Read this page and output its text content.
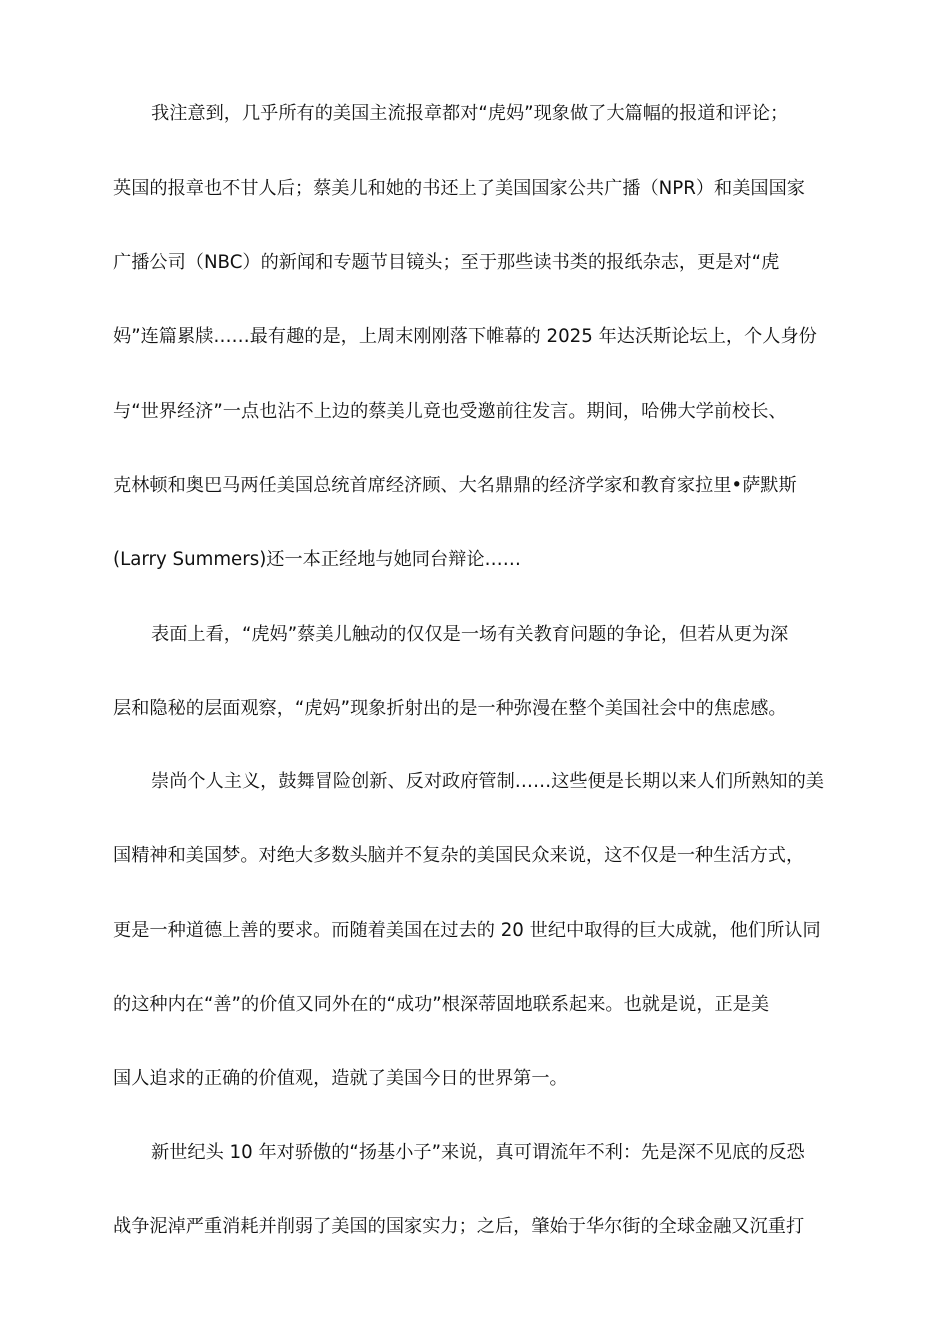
我注意到，几乎所有的美国主流报章都对“虎妈”现象做了大篇幅的报道和评论；

英国的报章也不甘人后；蔡美儿和她的书还上了美国国家公共广播（NPR）和美国国家

广播公司（NBC）的新闻和专题节目镜头；至于那些读书类的报纸杂志，更是对“虎

妈”连篇累牍……最有趣的是，上周末刚刚落下帷幕的 2025 年达沃斯论坛上，个人身份

与“世界经济”一点也沾不上边的蔡美儿竟也受邀前往发言。期间，哈佛大学前校长、

克林顿和奥巴马两任美国总统首席经济顾、大名鼎鼎的经济学家和教育家拉里•萨默斯

(Larry Summers)还一本正经地与她同台辩论……

表面上看，“虎妈”蔡美儿触动的仅仅是一场有关教育问题的争论，但若从更为深

层和隐秘的层面观察，“虎妈”现象折射出的是一种弥漫在整个美国社会中的焦虑感。

崇尚个人主义，鼓舞冒险创新、反对政府管制……这些便是长期以来人们所熟知的美

国精神和美国梦。对绝大多数头脑并不复杂的美国民众来说，这不仅是一种生活方式，

更是一种道德上善的要求。而随着美国在过去的 20 世纪中取得的巨大成就，他们所认同

的这种内在“善”的价值又同外在的“成功”根深蒂固地联系起来。也就是说，正是美

国人追求的正确的价值观，造就了美国今日的世界第一。

新世纪头 10 年对骄傲的“扬基小子”来说，真可谓流年不利：先是深不见底的反恐

战争泥淖严重消耗并削弱了美国的国家实力；之后，肇始于华尔街的全球金融又沉重打
